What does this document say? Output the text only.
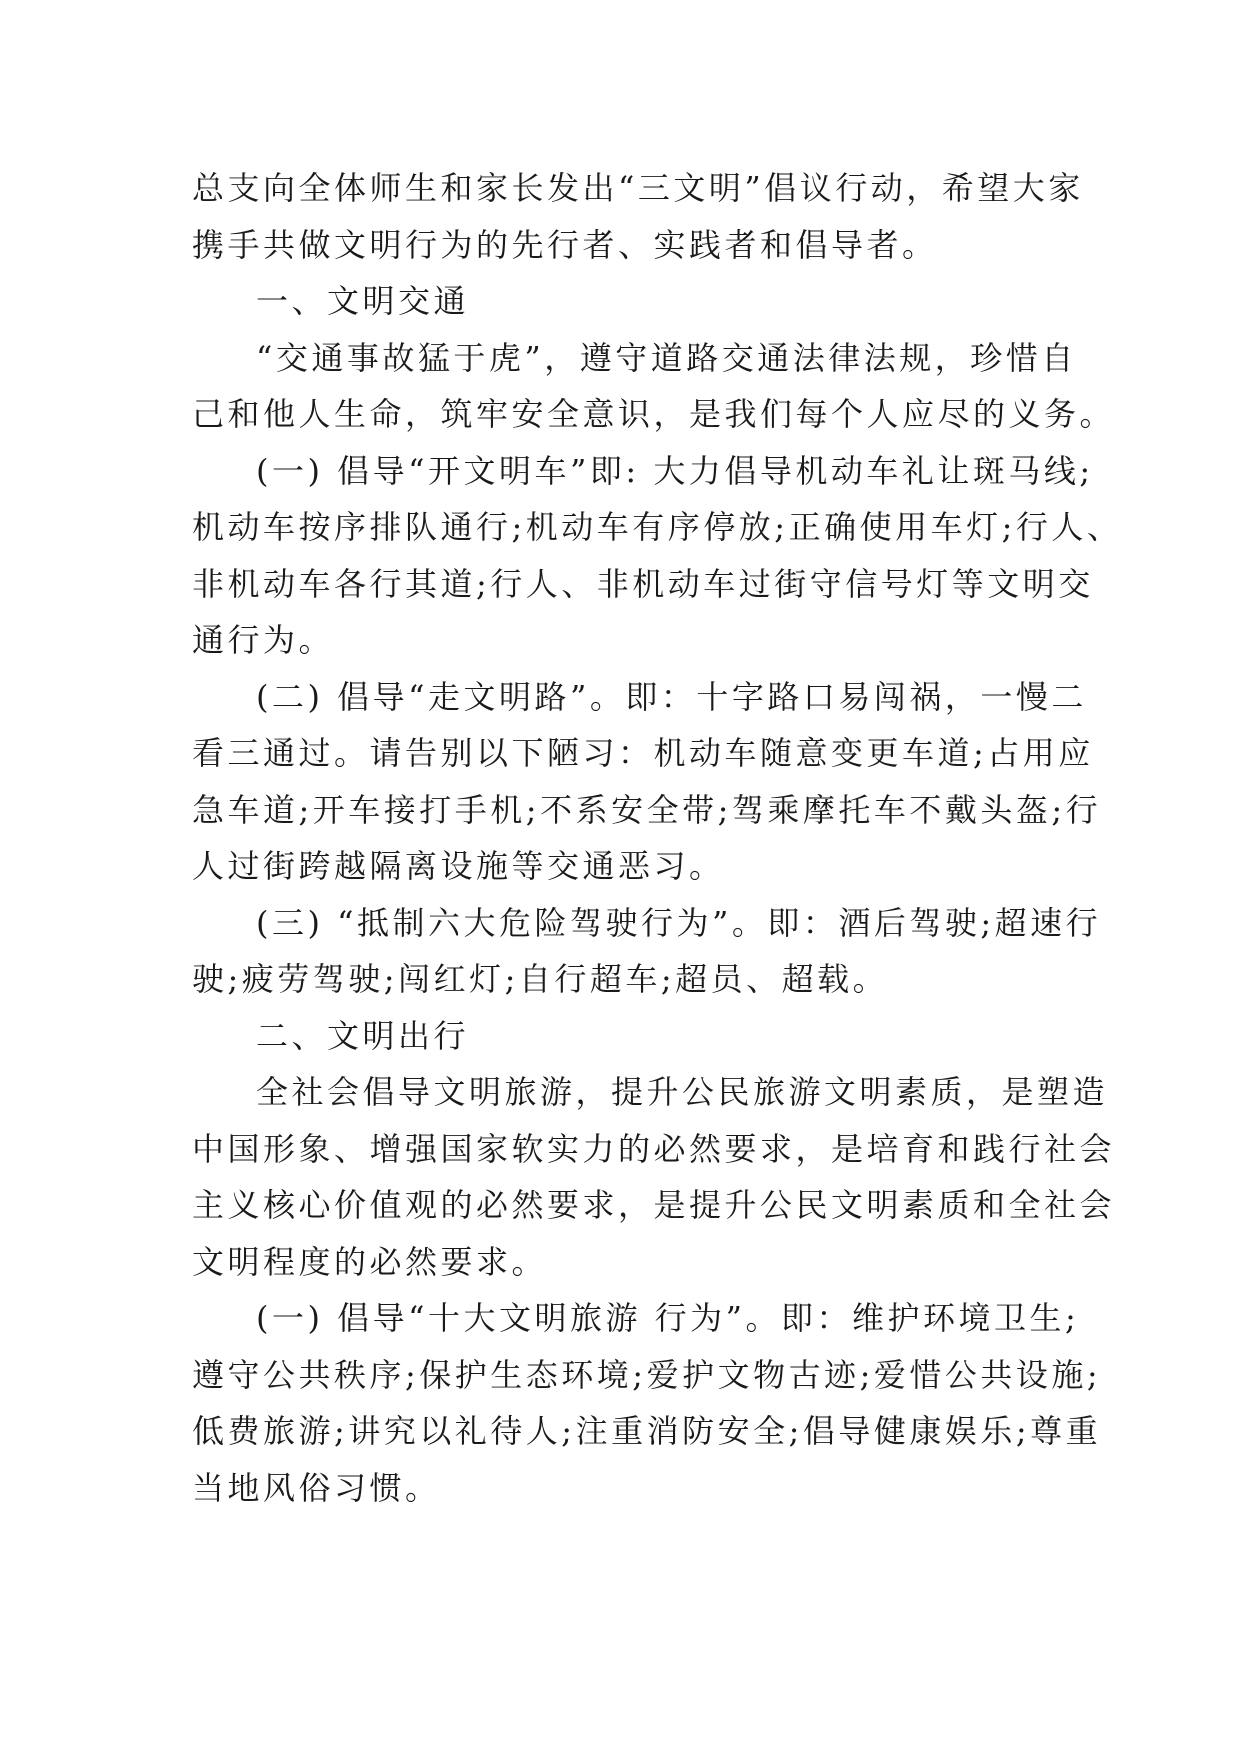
总支向全体师生和家长发出“三文明”倡议行动，希望大家
携手共做文明行为的先行者、实践者和倡导者。
一、文明交通
“交通事故猛于虎”，遵守道路交通法律法规，珍惜自
己和他人生命，筑牢安全意识，是我们每个人应尽的义务。
(一) 倡导“开文明车”即: 大力倡导机动车礼让斑马线;
机动车按序排队通行;机动车有序停放;正确使用车灯;行人、
非机动车各行其道;行人、非机动车过街守信号灯等文明交
通行为。
(二) 倡导“走文明路”。即：十字路口易闯祸，一慢二
看三通过。请告别以下陋习：机动车随意变更车道;占用应
急车道;开车接打手机;不系安全带;驾乘摩托车不戴头盔;行
人过街跨越隔离设施等交通恶习。
(三) “抵制六大危险驾驶行为”。即：酒后驾驶;超速行
驶;疲劳驾驶;闯红灯;自行超车;超员、超载。
二、文明出行
全社会倡导文明旅游，提升公民旅游文明素质，是塑造
中国形象、增强国家软实力的必然要求，是培育和践行社会
主义核心价值观的必然要求，是提升公民文明素质和全社会
文明程度的必然要求。
(一) 倡导“十大文明旅游 行为”。即：维护环境卫生;
遵守公共秩序;保护生态环境;爱护文物古迹;爱惜公共设施;
低费旅游;讲究以礼待人;注重消防安全;倡导健康娱乐;尊重
当地风俗习惯。
